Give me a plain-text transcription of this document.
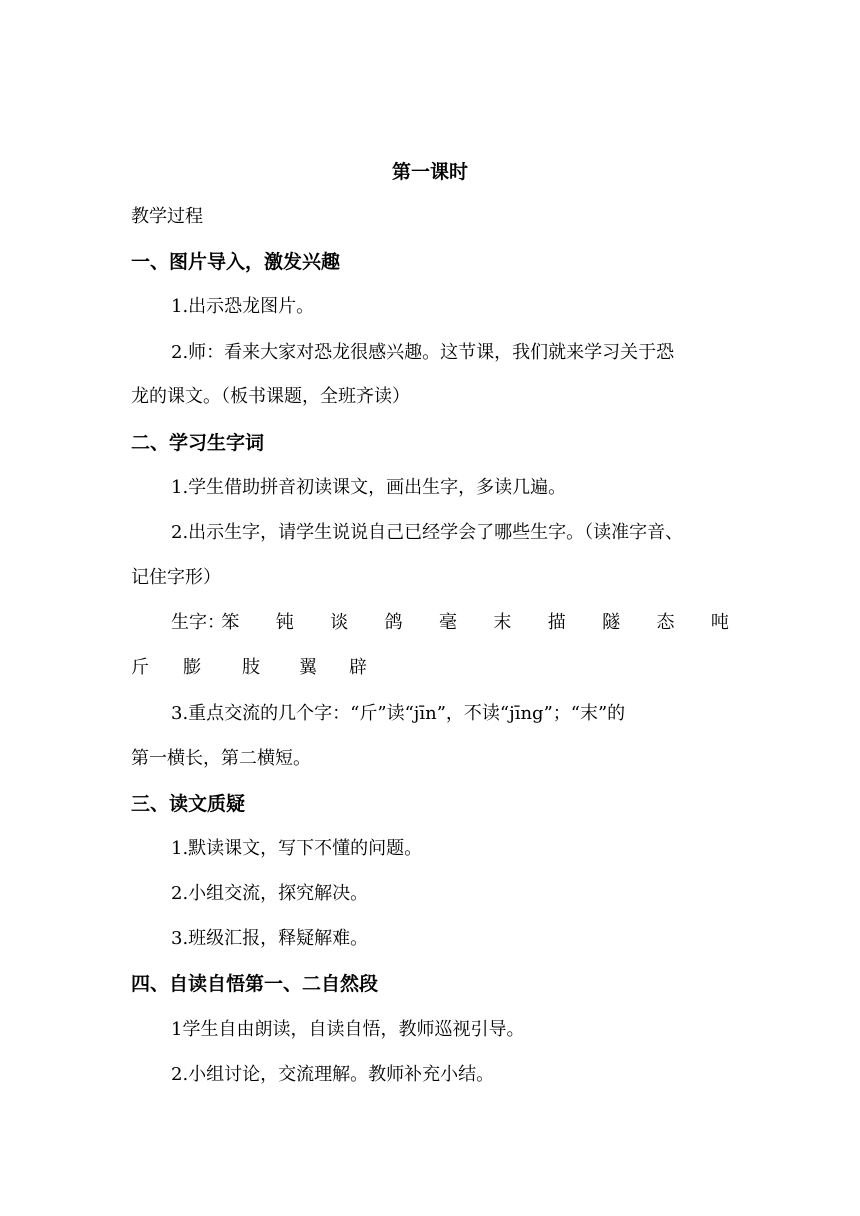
第一课时
教学过程
一、图片导入，激发兴趣
1.出示恐龙图片。
2.师：看来大家对恐龙很感兴趣。这节课，我们就来学习关于恐
龙的课文。（板书课题，全班齐读）
二、学习生字词
1.学生借助拼音初读课文，画出生字，多读几遍。
2.出示生字，请学生说说自己已经学会了哪些生字。（读准字音、
记住字形）
生字：
笨 钝 谈 鸽 毫 末 描 隧 态 吨
斤 膨 肢 翼 辟
3.重点交流的几个字：“斤”读“jīn”，不读“jīng”；“末”的
第一横长，第二横短。
三、读文质疑
1.默读课文，写下不懂的问题。
2.小组交流，探究解决。
3.班级汇报，释疑解难。
四、自读自悟第一、二自然段
1学生自由朗读，自读自悟，教师巡视引导。
2.小组讨论，交流理解。教师补充小结。
